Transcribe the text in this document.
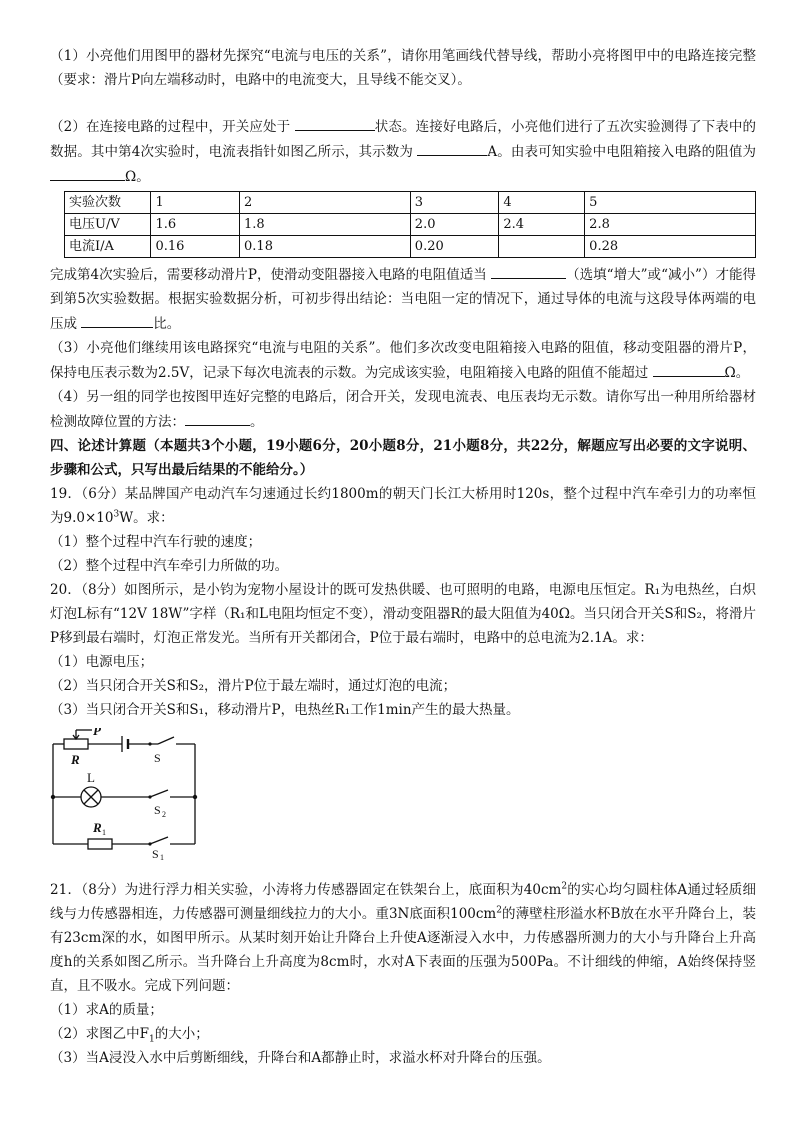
（1）小亮他们用图甲的器材先探究“电流与电压的关系”，请你用笔画线代替导线，帮助小亮将图甲中的电路连接完整（要求：滑片P向左端移动时，电路中的电流变大，且导线不能交叉）。

（2）在连接电路的过程中，开关应处于	状态。连接好电路后，小亮他们进行了五次实验测得了下表中的数据。其中第4次实验时，电流表指针如图乙所示，其示数为	A。由表可知实验中电阻箱接入电路的阻值为 Ω。

实验次数	1	2	3	4	5
电压U/V	1.6	1.8	2.0	2.4	2.8
电流I/A	0.16	0.18	0.20		0.28

完成第4次实验后，需要移动滑片P，使滑动变阻器接入电路的电阻值适当	（选填“增大”或“减小”）才能得到第5次实验数据。根据实验数据分析，可初步得出结论：当电阻一定的情况下，通过导体的电流与这段导体两端的电压成	比。

（3）小亮他们继续用该电路探究“电流与电阻的关系”。他们多次改变电阻箱接入电路的阻值，移动变阻器的滑片P，保持电压表示数为2.5V，记录下每次电流表的示数。为完成该实验，电阻箱接入电路的阻值不能超过	Ω。

（4）另一组的同学也按图甲连好完整的电路后，闭合开关，发现电流表、电压表均无示数。请你写出一种用所给器材检测故障位置的方法：	。

四、论述计算题（本题共3个小题，19小题6分，20小题8分，21小题8分，共22分，解题应写出必要的文字说明、步骤和公式，只写出最后结果的不能给分。）

19．（6分）某品牌国产电动汽车匀速通过长约1800m的朝天门长江大桥用时120s，整个过程中汽车牵引力的功率恒为$9.0\times 10^3W$。求：

（1）整个过程中汽车行驶的速度；

（2）整个过程中汽车牵引力所做的功。

20．（8分）如图所示，是小钧为宠物小屋设计的既可发热供暖、也可照明的电路，电源电压恒定。R₁为电热丝，白炽灯泡L标有“12V 18W”字样（R₁和L电阻均恒定不变），滑动变阻器R的最大阻值为40Ω。当只闭合开关S和S₂，将滑片P移到最右端时，灯泡正常发光。当所有开关都闭合，P位于最右端时，电路中的总电流为2.1A。求：

（1）电源电压；

（2）当只闭合开关S和S₂，滑片P位于最左端时，通过灯泡的电流；

（3）当只闭合开关S和S₁，移动滑片P，电热丝R₁工作1min产生的最大热量。

P
R
L
S
S 2
R 1
S 1

21．（8分）为进行浮力相关实验，小涛将力传感器固定在铁架台上，底面积为$40cm^2$的实心均匀圆柱体A通过轻质细线与力传感器相连，力传感器可测量细线拉力的大小。重3N底面积$100cm^2$的薄壁柱形溢水杯B放在水平升降台上，装有23cm深的水，如图甲所示。从某时刻开始让升降台上升使A逐渐浸入水中，力传感器所测力的大小与升降台上升高度h的关系如图乙所示。当升降台上升高度为8cm时，水对A下表面的压强为500Pa。不计细线的伸缩，A始终保持竖直，且不吸水。完成下列问题：

（1）求A的质量；

（2）求图乙中$F_1$的大小；

（3）当A浸没入水中后剪断细线，升降台和A都静止时，求溢水杯对升降台的压强。
